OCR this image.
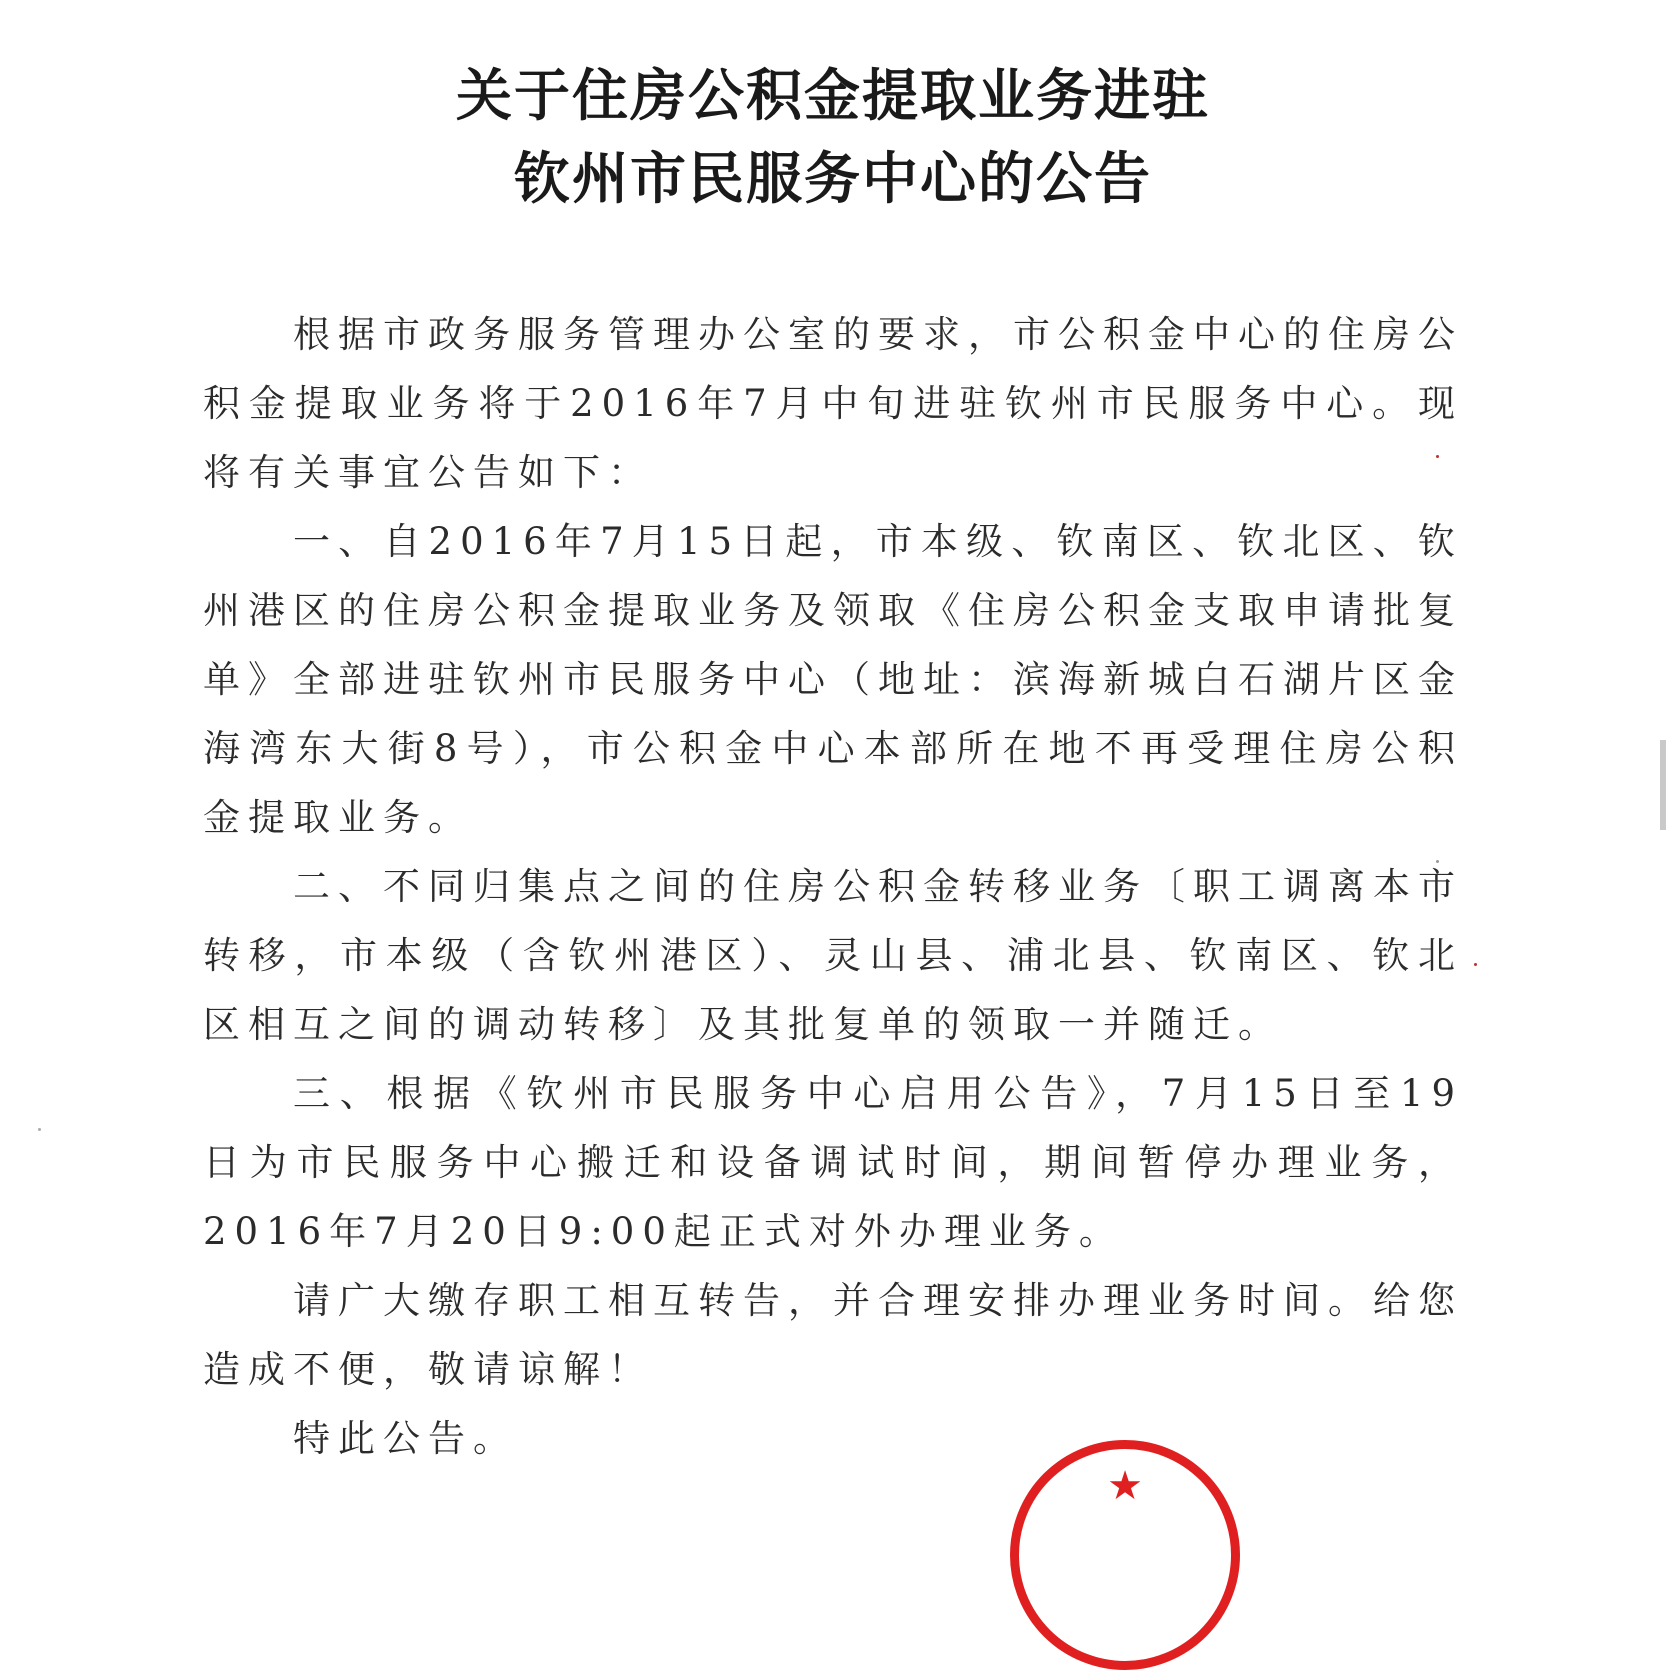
关于住房公积金提取业务进驻
钦州市民服务中心的公告

根据市政务服务管理办公室的要求，市公积金中心的住房公积金提取业务将于2016年7月中旬进驻钦州市民服务中心。现将有关事宜公告如下：

一、自2016年7月15日起，市本级、钦南区、钦北区、钦州港区的住房公积金提取业务及领取《住房公积金支取申请批复单》全部进驻钦州市民服务中心（地址：滨海新城白石湖片区金海湾东大街8号），市公积金中心本部所在地不再受理住房公积金提取业务。

二、不同归集点之间的住房公积金转移业务〔职工调离本市转移，市本级（含钦州港区）、灵山县、浦北县、钦南区、钦北区相互之间的调动转移〕及其批复单的领取一并随迁。

三、根据《钦州市民服务中心启用公告》，7月15日至19日为市民服务中心搬迁和设备调试时间，期间暂停办理业务，2016年7月20日9:00起正式对外办理业务。

请广大缴存职工相互转告，并合理安排办理业务时间。给您造成不便，敬请谅解！

特此公告。

★
